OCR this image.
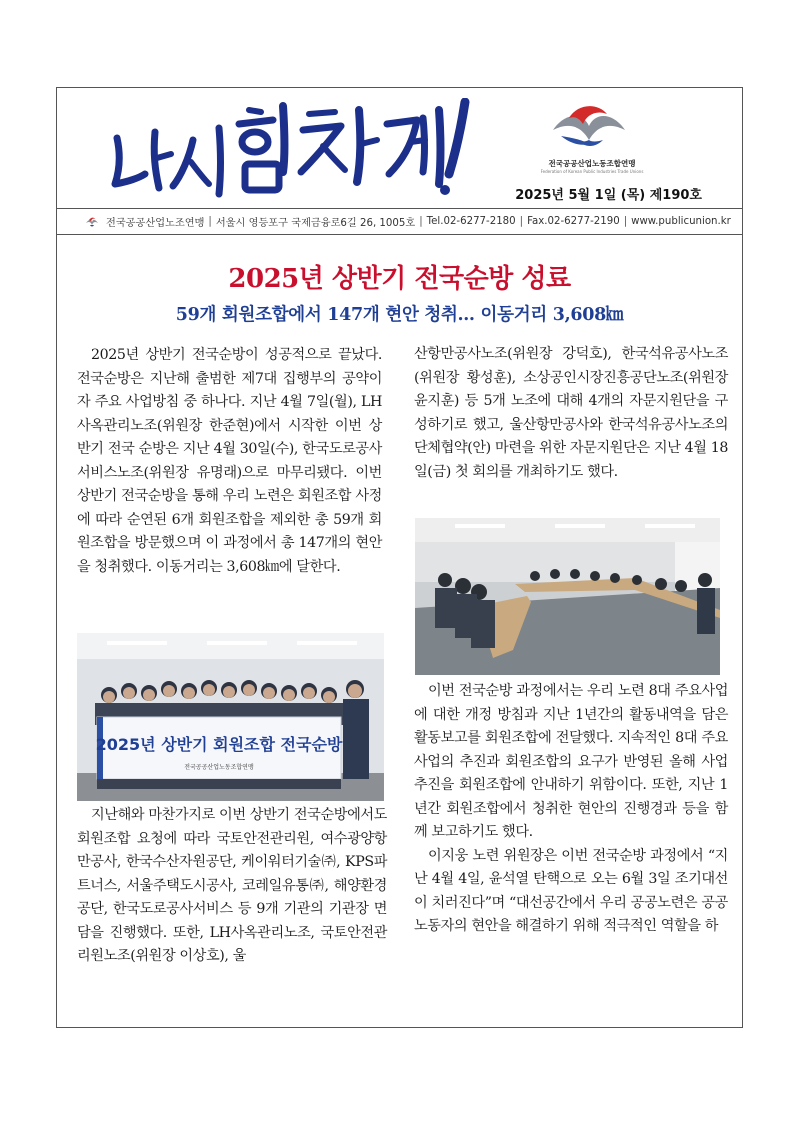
전국공공산업노동조합연맹
Federation of Korean Public Industries Trade Unions
2025년 5월 1일 (목) 제190호
전국공공산업노조연맹 | 서울시 영등포구 국제금융로6길 26, 1005호 | Tel.02-6277-2180 | Fax.02-6277-2190 | www.publicunion.kr
2025년 상반기 전국순방 성료
59개 회원조합에서 147개 현안 청취… 이동거리 3,608㎞

2025년 상반기 전국순방이 성공적으로 끝났다. 전국순방은 지난해 출범한 제7대 집행부의 공약이자 주요 사업방침 중 하나다. 지난 4월 7일(월), LH사옥관리노조(위원장 한준현)에서 시작한 이번 상반기 전국 순방은 지난 4월 30일(수), 한국도로공사서비스노조(위원장 유명래)으로 마무리됐다. 이번 상반기 전국순방을 통해 우리 노련은 회원조합 사정에 따라 순연된 6개 회원조합을 제외한 총 59개 회원조합을 방문했으며 이 과정에서 총 147개의 현안을 청취했다. 이동거리는 3,608㎞에 달한다.

2025년 상반기 회원조합 전국순방
전국공공산업노동조합연맹

지난해와 마찬가지로 이번 상반기 전국순방에서도 회원조합 요청에 따라 국토안전관리원, 여수광양항만공사, 한국수산자원공단, 케이워터기술㈜, KPS파트너스, 서울주택도시공사, 코레일유통㈜, 해양환경공단, 한국도로공사서비스 등 9개 기관의 기관장 면담을 진행했다. 또한, LH사옥관리노조, 국토안전관리원노조(위원장 이상호), 울

산항만공사노조(위원장 강덕호), 한국석유공사노조(위원장 황성훈), 소상공인시장진흥공단노조(위원장 윤지훈) 등 5개 노조에 대해 4개의 자문지원단을 구성하기로 했고, 울산항만공사와 한국석유공사노조의 단체협약(안) 마련을 위한 자문지원단은 지난 4월 18일(금) 첫 회의를 개최하기도 했다.

이번 전국순방 과정에서는 우리 노련 8대 주요사업에 대한 개정 방침과 지난 1년간의 활동내역을 담은 활동보고를 회원조합에 전달했다. 지속적인 8대 주요사업의 추진과 회원조합의 요구가 반영된 올해 사업 추진을 회원조합에 안내하기 위함이다. 또한, 지난 1년간 회원조합에서 청취한 현안의 진행경과 등을 함께 보고하기도 했다.

이지웅 노련 위원장은 이번 전국순방 과정에서 “지난 4월 4일, 윤석열 탄핵으로 오는 6월 3일 조기대선이 치러진다”며 “대선공간에서 우리 공공노련은 공공노동자의 현안을 해결하기 위해 적극적인 역할을 하
